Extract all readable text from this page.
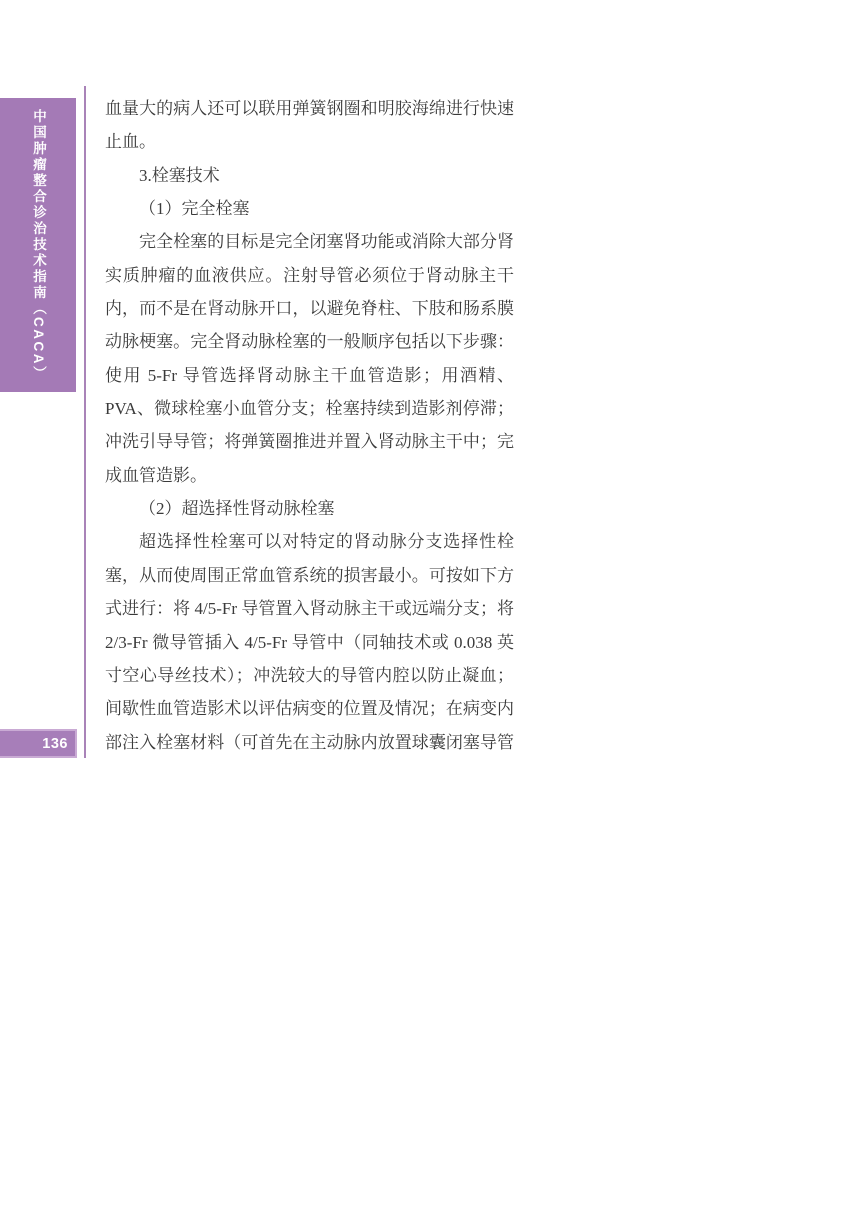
中国肿瘤整合诊治技术指南（CACA）
136
血量大的病人还可以联用弹簧钢圈和明胶海绵进行快速
止血。
3.栓塞技术
（1）完全栓塞
完全栓塞的目标是完全闭塞肾功能或消除大部分肾
实质肿瘤的血液供应。注射导管必须位于肾动脉主干
内，而不是在肾动脉开口，以避免脊柱、下肢和肠系膜
动脉梗塞。完全肾动脉栓塞的一般顺序包括以下步骤：
使用 5-Fr 导管选择肾动脉主干血管造影；用酒精、
PVA、微球栓塞小血管分支；栓塞持续到造影剂停滞；
冲洗引导导管；将弹簧圈推进并置入肾动脉主干中；完
成血管造影。
（2）超选择性肾动脉栓塞
超选择性栓塞可以对特定的肾动脉分支选择性栓
塞，从而使周围正常血管系统的损害最小。可按如下方
式进行：将 4/5-Fr 导管置入肾动脉主干或远端分支；将
2/3-Fr 微导管插入 4/5-Fr 导管中（同轴技术或 0.038 英
寸空心导丝技术）；冲洗较大的导管内腔以防止凝血；
间歇性血管造影术以评估病变的位置及情况；在病变内
部注入栓塞材料（可首先在主动脉内放置球囊闭塞导管
